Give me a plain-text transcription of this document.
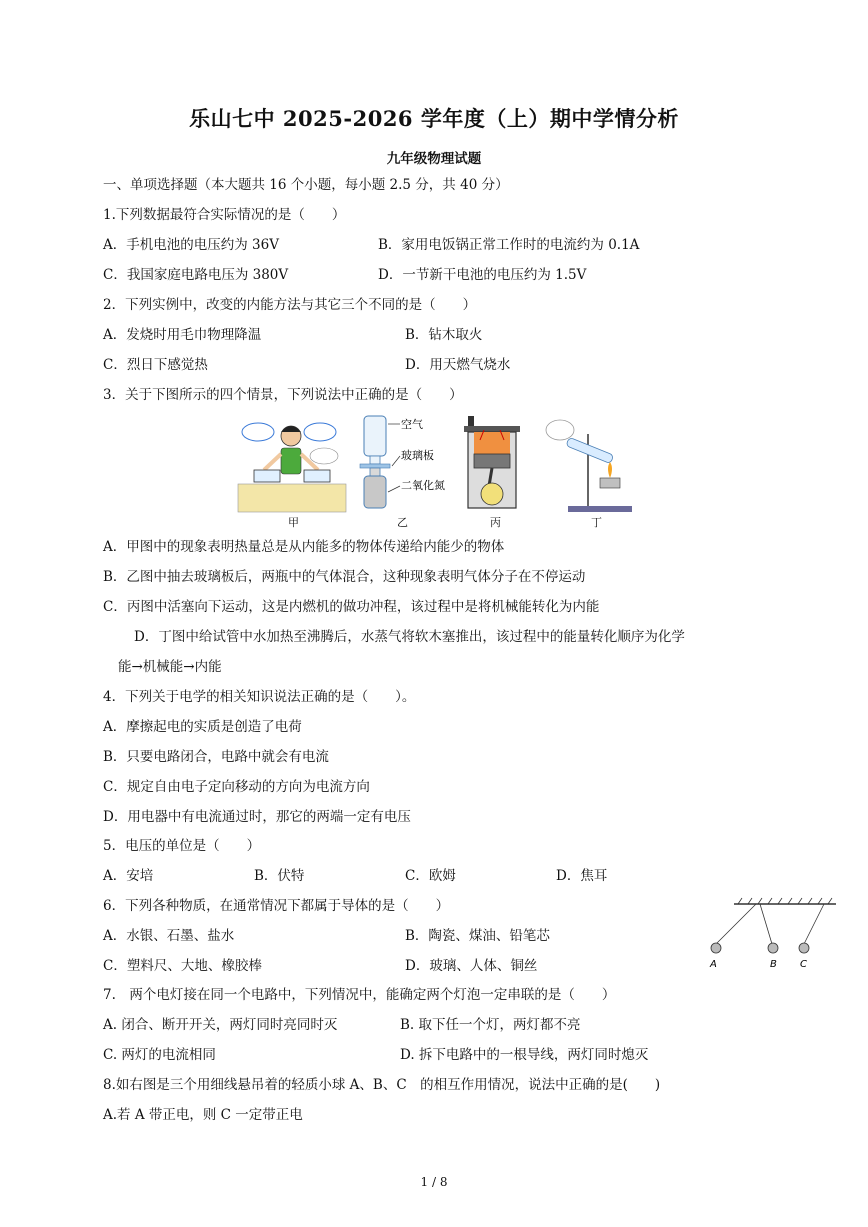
乐山七中 2025-2026 学年度（上）期中学情分析
九年级物理试题
一、单项选择题（本大题共 16 个小题，每小题 2.5 分，共 40 分）
1.下列数据最符合实际情况的是（　　）
A．手机电池的电压约为 36V	B．家用电饭锅正常工作时的电流约为 0.1A
C．我国家庭电路电压为 380V	D．一节新干电池的电压约为 1.5V
2．下列实例中，改变的内能方法与其它三个不同的是（　　）
A．发烧时用毛巾物理降温	B．钻木取火
C．烈日下感觉热	D．用天燃气烧水
3．关于下图所示的四个情景，下列说法中正确的是（　　）
空气
玻璃板
二氧化氮
甲	乙	丙	丁
A．甲图中的现象表明热量总是从内能多的物体传递给内能少的物体
B．乙图中抽去玻璃板后，两瓶中的气体混合，这种现象表明气体分子在不停运动
C．丙图中活塞向下运动，这是内燃机的做功冲程，该过程中是将机械能转化为内能
D．丁图中给试管中水加热至沸腾后，水蒸气将软木塞推出，该过程中的能量转化顺序为化学
能→机械能→内能
4．下列关于电学的相关知识说法正确的是（　　）。
A．摩擦起电的实质是创造了电荷
B．只要电路闭合，电路中就会有电流
C．规定自由电子定向移动的方向为电流方向
D．用电器中有电流通过时，那它的两端一定有电压
5．电压的单位是（　　）
A．安培	B．伏特	C．欧姆	D．焦耳
6．下列各种物质，在通常情况下都属于导体的是（　　）
A．水银、石墨、盐水	B．陶瓷、煤油、铅笔芯
C．塑料尺、大地、橡胶棒	D．玻璃、人体、铜丝	A	B C
7.　两个电灯接在同一个电路中，下列情况中，能确定两个灯泡一定串联的是（　　）
A. 闭合、断开开关，两灯同时亮同时灭	B. 取下任一个灯，两灯都不亮
C. 两灯的电流相同	D. 拆下电路中的一根导线，两灯同时熄灭
8.如右图是三个用细线悬吊着的轻质小球 A、B、C　的相互作用情况，说法中正确的是(　　)
A.若 A 带正电，则 C 一定带正电
1 / 8
